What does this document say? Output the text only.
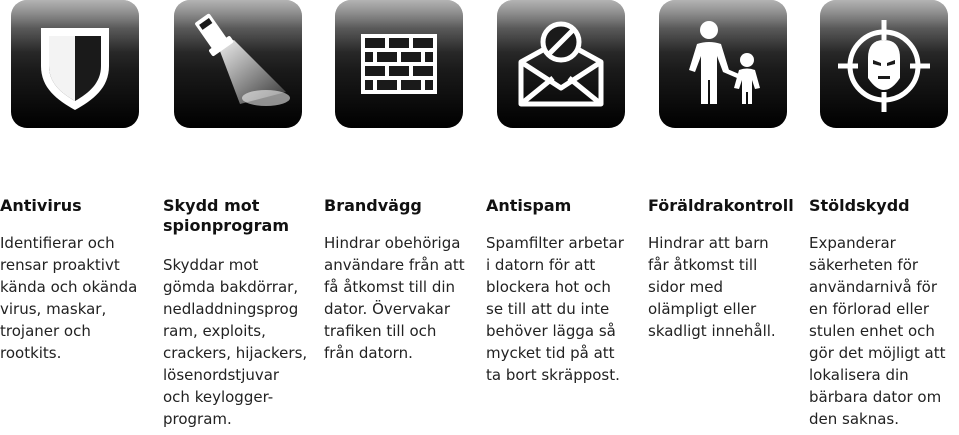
Antivirus
Identifierar och
rensar proaktivt
kända och okända
virus, maskar,
trojaner och
rootkits.
Skydd mot
spionprogram
Skyddar mot
gömda bakdörrar,
nedladdningsprog
ram, exploits,
crackers, hijackers,
lösenordstjuvar
och keylogger-
program.
Brandvägg
Hindrar obehöriga
användare från att
få åtkomst till din
dator. Övervakar
trafiken till och
från datorn.
Antispam
Spamfilter arbetar
i datorn för att
blockera hot och
se till att du inte
behöver lägga så
mycket tid på att
ta bort skräppost.
Föräldrakontroll
Hindrar att barn
får åtkomst till
sidor med
olämpligt eller
skadligt innehåll.
Stöldskydd
Expanderar
säkerheten för
användarnivå för
en förlorad eller
stulen enhet och
gör det möjligt att
lokalisera din
bärbara dator om
den saknas.
